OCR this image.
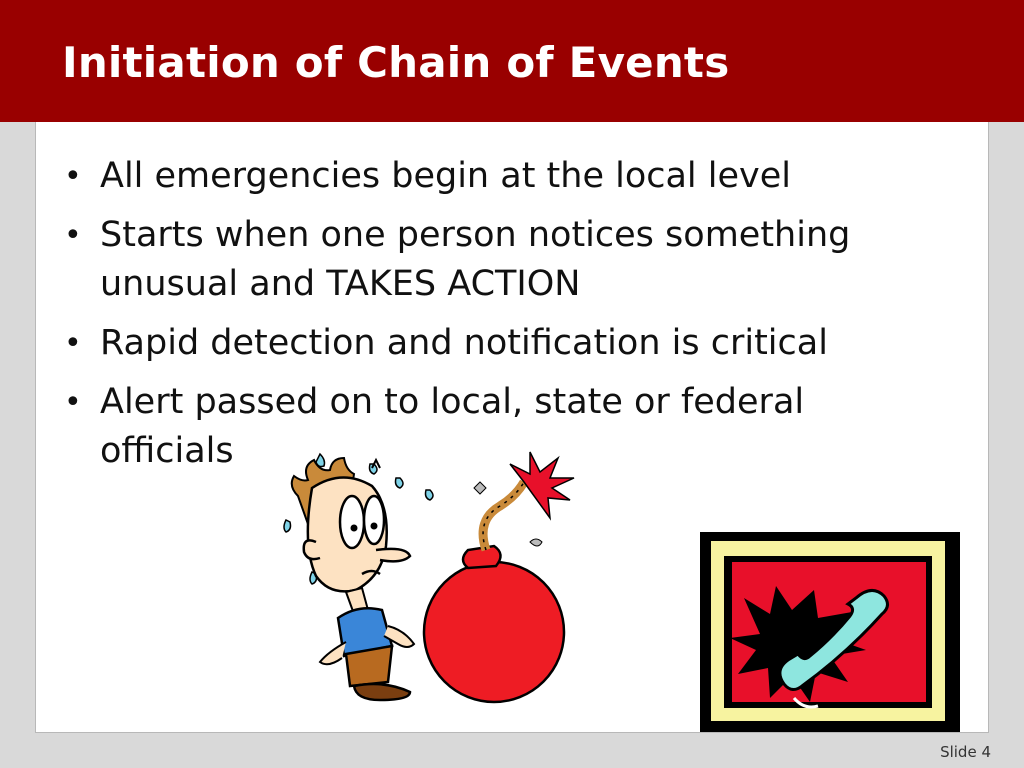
Initiation of Chain of Events
• All emergencies begin at the local level
• Starts when one person notices something unusual and TAKES ACTION
• Rapid detection and notification is critical
• Alert passed on to local, state or federal officials
Slide 4
